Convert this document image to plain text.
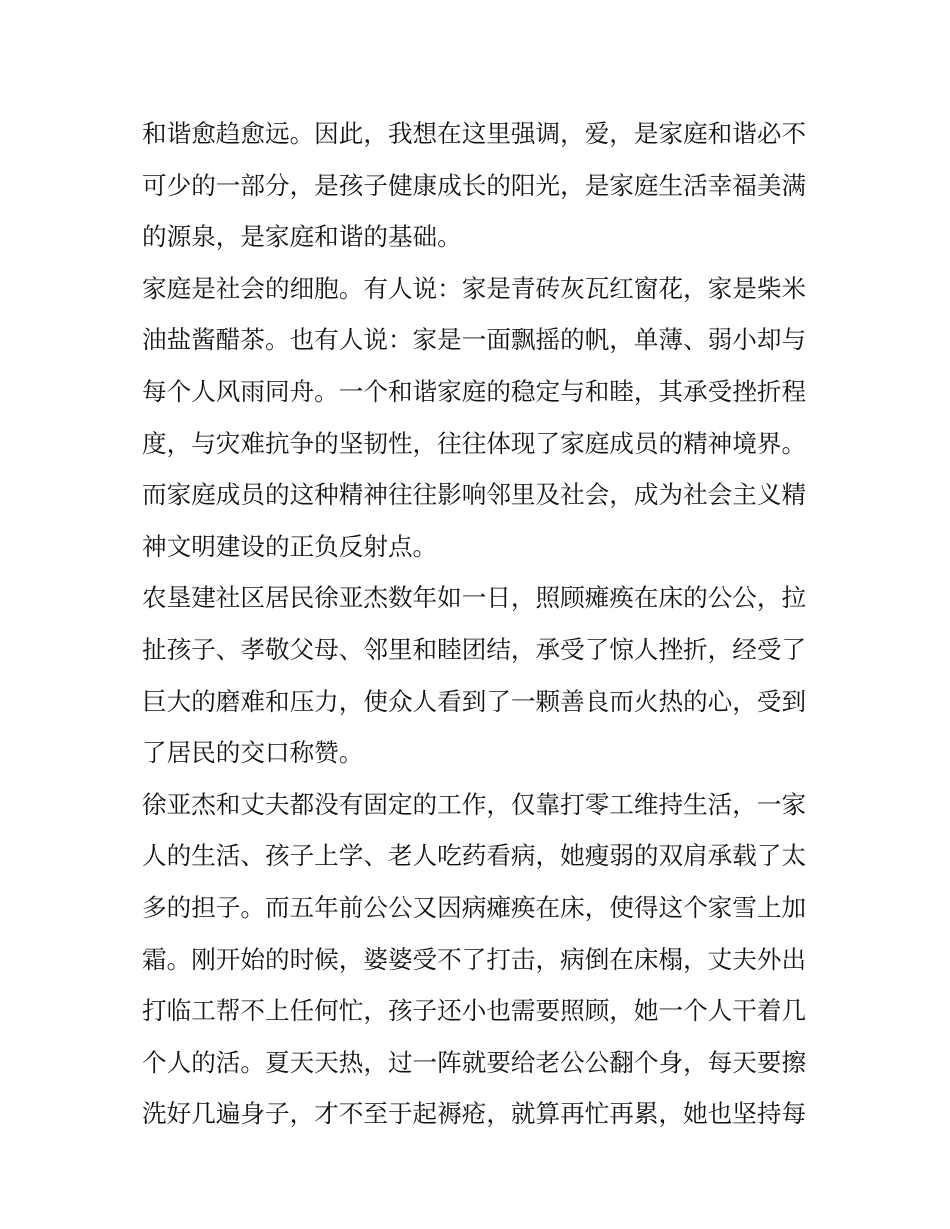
和谐愈趋愈远。因此，我想在这里强调，爱，是家庭和谐必不
可少的一部分，是孩子健康成长的阳光，是家庭生活幸福美满
的源泉，是家庭和谐的基础。
家庭是社会的细胞。有人说：家是青砖灰瓦红窗花，家是柴米
油盐酱醋茶。也有人说：家是一面飘摇的帆，单薄、弱小却与
每个人风雨同舟。一个和谐家庭的稳定与和睦，其承受挫折程
度，与灾难抗争的坚韧性，往往体现了家庭成员的精神境界。
而家庭成员的这种精神往往影响邻里及社会，成为社会主义精
神文明建设的正负反射点。
农垦建社区居民徐亚杰数年如一日，照顾瘫痪在床的公公，拉
扯孩子、孝敬父母、邻里和睦团结，承受了惊人挫折，经受了
巨大的磨难和压力，使众人看到了一颗善良而火热的心，受到
了居民的交口称赞。
徐亚杰和丈夫都没有固定的工作，仅靠打零工维持生活，一家
人的生活、孩子上学、老人吃药看病，她瘦弱的双肩承载了太
多的担子。而五年前公公又因病瘫痪在床，使得这个家雪上加
霜。刚开始的时候，婆婆受不了打击，病倒在床榻，丈夫外出
打临工帮不上任何忙，孩子还小也需要照顾，她一个人干着几
个人的活。夏天天热，过一阵就要给老公公翻个身，每天要擦
洗好几遍身子，才不至于起褥疮，就算再忙再累，她也坚持每
